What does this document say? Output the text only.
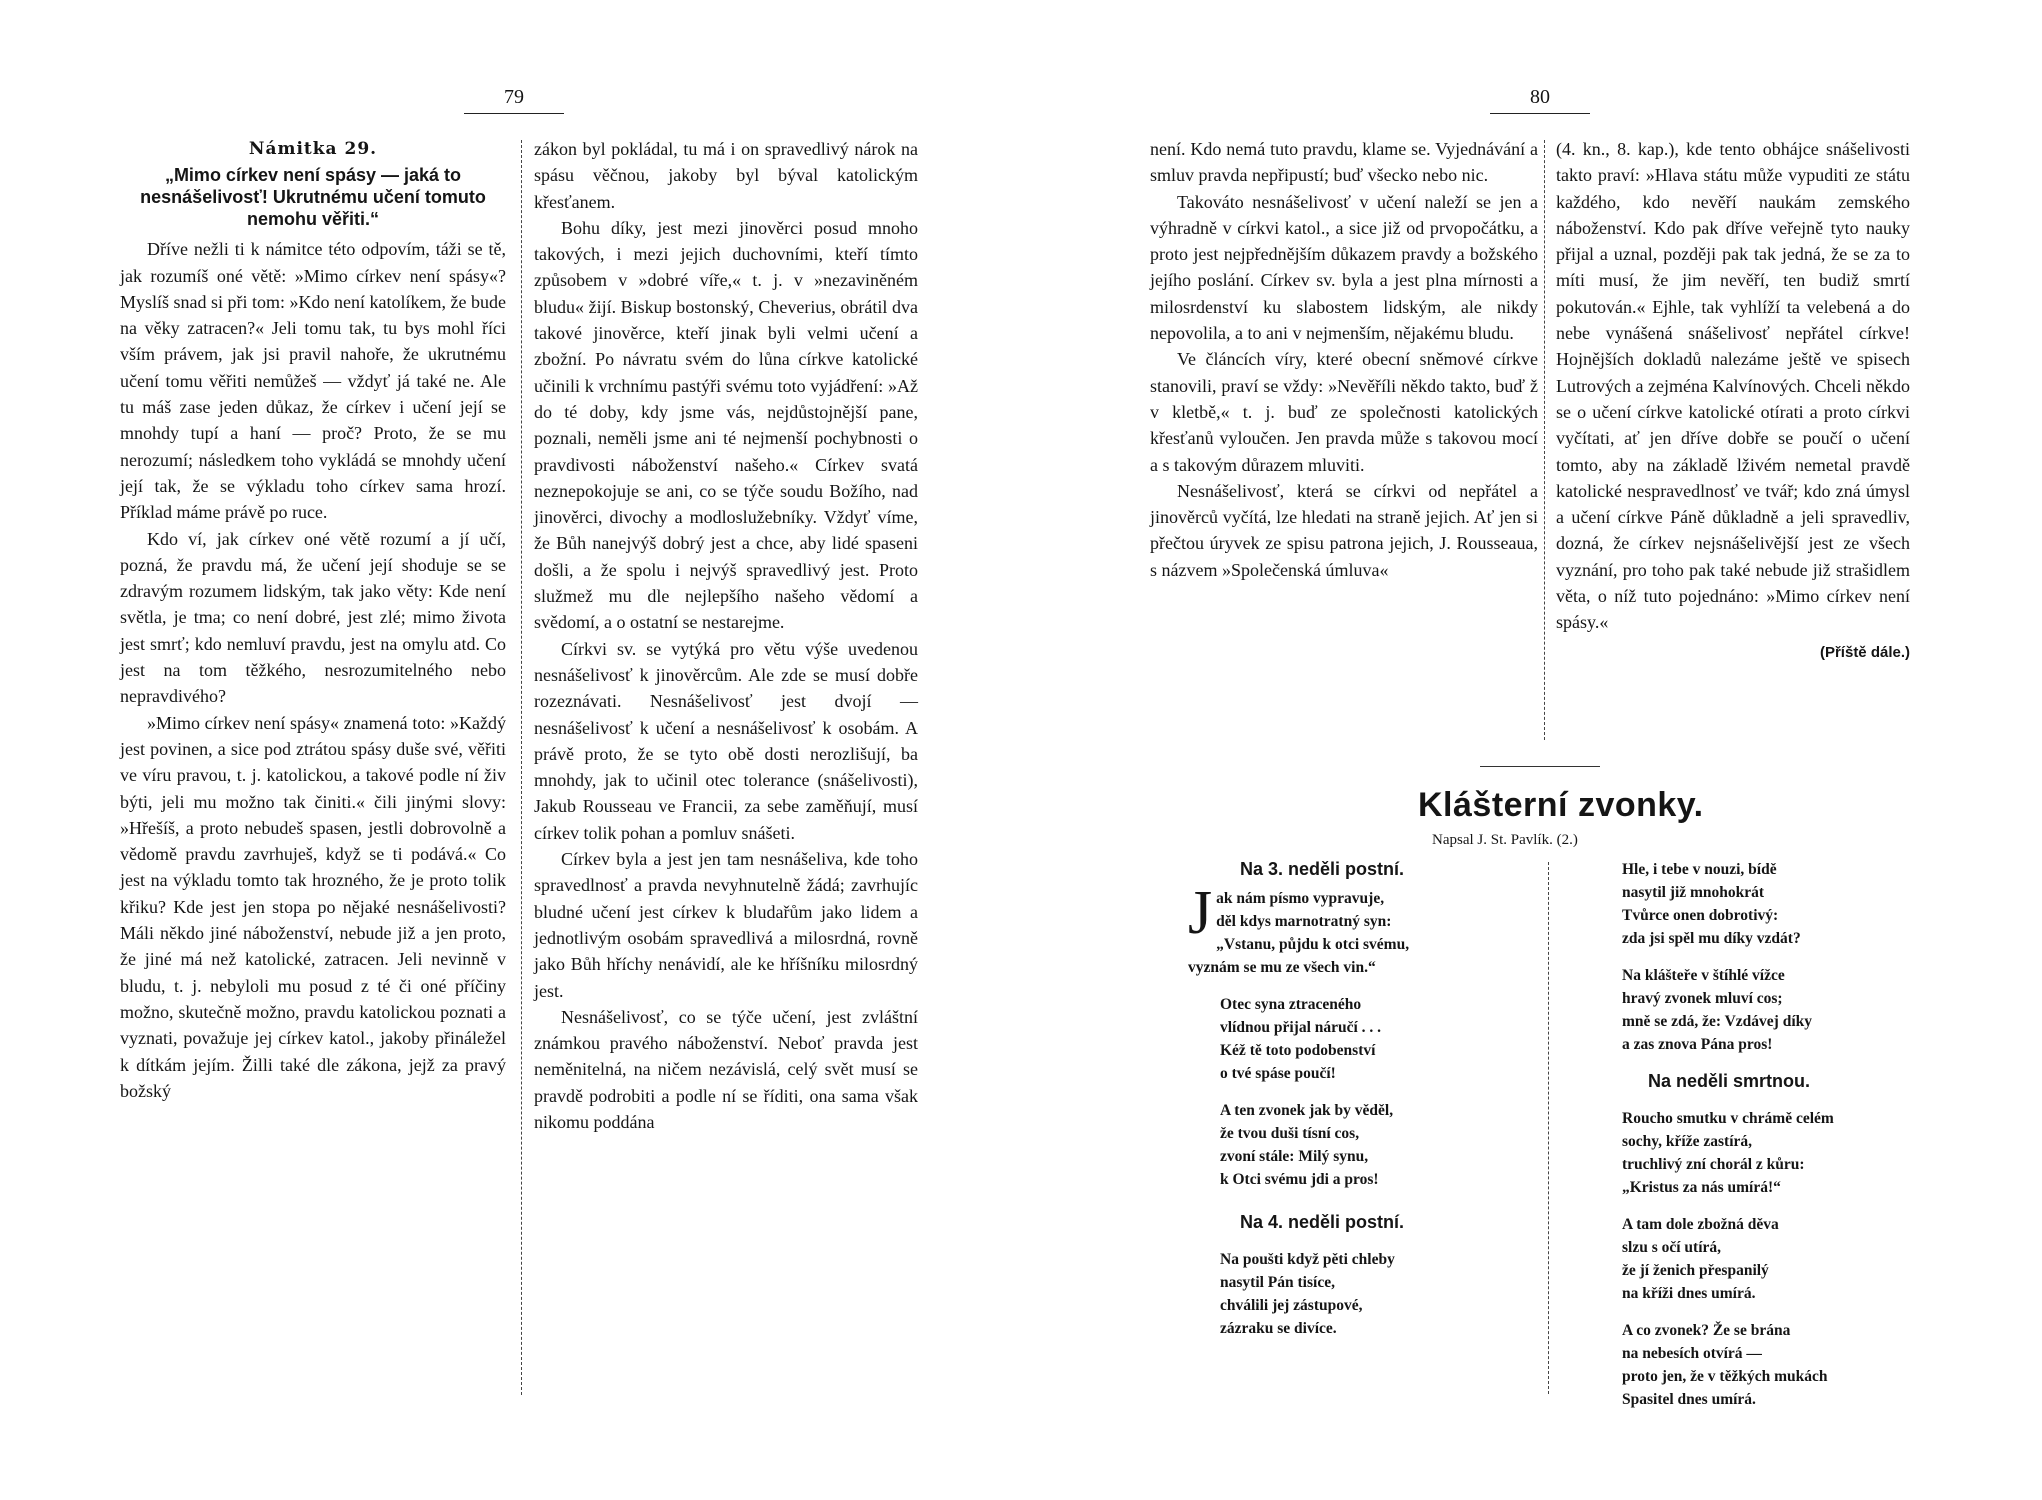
79
Námitka 29.
„Mimo církev není spásy — jaká to nesnášelivosť! Ukrutnému učení tomuto nemohu věřiti.“

Dříve nežli ti k námitce této odpovím, táži se tě, jak rozumíš oné větě: »Mimo církev není spásy«? Myslíš snad si při tom: »Kdo není katolíkem, že bude na věky zatracen?« Jeli tomu tak, tu bys mohl říci vším právem, jak jsi pravil nahoře, že ukrutnému učení tomu věřiti nemůžeš — vždyť já také ne. Ale tu máš zase jeden důkaz, že církev i učení její se mnohdy tupí a haní — proč? Proto, že se mu nerozumí; následkem toho vykládá se mnohdy učení její tak, že se výkladu toho církev sama hrozí. Příklad máme právě po ruce.

Kdo ví, jak církev oné větě rozumí a jí učí, pozná, že pravdu má, že učení její shoduje se se zdravým rozumem lidským, tak jako věty: Kde není světla, je tma; co není dobré, jest zlé; mimo života jest smrť; kdo nemluví pravdu, jest na omylu atd. Co jest na tom těžkého, nesrozumitelného nebo nepravdivého?

»Mimo církev není spásy« znamená toto: »Každý jest povinen, a sice pod ztrátou spásy duše své, věřiti ve víru pravou, t. j. katolickou, a takové podle ní živ býti, jeli mu možno tak činiti.« čili jinými slovy: »Hřešíš, a proto nebudeš spasen, jestli dobrovolně a vědomě pravdu zavrhuješ, když se ti podává.« Co jest na výkladu tomto tak hrozného, že je proto tolik křiku? Kde jest jen stopa po nějaké nesnášelivosti? Máli někdo jiné náboženství, nebude již a jen proto, že jiné má než katolické, zatracen. Jeli nevinně v bludu, t. j. nebyloli mu posud z té či oné příčiny možno, skutečně možno, pravdu katolickou poznati a vyznati, považuje jej církev katol., jakoby přináležel k dítkám jejím. Žilli také dle zákona, jejž za pravý božský

zákon byl pokládal, tu má i on spravedlivý nárok na spásu věčnou, jakoby byl býval katolickým křesťanem.

Bohu díky, jest mezi jinověrci posud mnoho takových, i mezi jejich duchovními, kteří tímto způsobem v »dobré víře,« t. j. v »nezaviněném bludu« žijí. Biskup bostonský, Cheverius, obrátil dva takové jinověrce, kteří jinak byli velmi učení a zbožní. Po návratu svém do lůna církve katolické učinili k vrchnímu pastýři svému toto vyjádření: »Až do té doby, kdy jsme vás, nejdůstojnější pane, poznali, neměli jsme ani té nejmenší pochybnosti o pravdivosti náboženství našeho.« Církev svatá neznepokojuje se ani, co se týče soudu Božího, nad jinověrci, divochy a modloslužebníky. Vždyť víme, že Bůh nanejvýš dobrý jest a chce, aby lidé spaseni došli, a že spolu i nejvýš spravedlivý jest. Proto služmež mu dle nejlepšího našeho vědomí a svědomí, a o ostatní se nestarejme.

Církvi sv. se vytýká pro větu výše uvedenou nesnášelivosť k jinověrcům. Ale zde se musí dobře rozeznávati. Nesnášelivosť jest dvojí — nesnášelivosť k učení a nesnášelivosť k osobám. A právě proto, že se tyto obě dosti nerozlišují, ba mnohdy, jak to učinil otec tolerance (snášelivosti), Jakub Rousseau ve Francii, za sebe zaměňují, musí církev tolik pohan a pomluv snášeti.

Církev byla a jest jen tam nesnášeliva, kde toho spravedlnosť a pravda nevyhnutelně žádá; zavrhujíc bludné učení jest církev k bludařům jako lidem a jednotlivým osobám spravedlivá a milosrdná, rovně jako Bůh hříchy nenávidí, ale ke hříšníku milosrdný jest.

Nesnášelivosť, co se týče učení, jest zvláštní známkou pravého náboženství. Neboť pravda jest neměnitelná, na ničem nezávislá, celý svět musí se pravdě podrobiti a podle ní se říditi, ona sama však nikomu poddána

80

není. Kdo nemá tuto pravdu, klame se. Vyjednávání a smluv pravda nepřipustí; buď všecko nebo nic.

Takováto nesnášelivosť v učení naleží se jen a výhradně v církvi katol., a sice již od prvopočátku, a proto jest nejpřednějším důkazem pravdy a božského jejího poslání. Církev sv. byla a jest plna mírnosti a milosrdenství ku slabostem lidským, ale nikdy nepovolila, a to ani v nejmenším, nějakému bludu.

Ve článcích víry, které obecní sněmové církve stanovili, praví se vždy: »Nevěříli někdo takto, buď ž v kletbě,« t. j. buď ze společnosti katolických křesťanů vyloučen. Jen pravda může s takovou mocí a s takovým důrazem mluviti.

Nesnášelivosť, která se církvi od nepřátel a jinověrců vyčítá, lze hledati na straně jejich. Ať jen si přečtou úryvek ze spisu patrona jejich, J. Rousseaua, s názvem »Společenská úmluva«

(4. kn., 8. kap.), kde tento obhájce snášelivosti takto praví: »Hlava státu může vypuditi ze státu každého, kdo nevěří naukám zemského náboženství. Kdo pak dříve veřejně tyto nauky přijal a uznal, později pak tak jedná, že se za to míti musí, že jim nevěří, ten budiž smrtí pokutován.« Ejhle, tak vyhlíží ta velebená a do nebe vynášená snášelivosť nepřátel církve! Hojnějších dokladů nalezáme ještě ve spisech Lutrových a zejména Kalvínových. Chceli někdo se o učení církve katolické otírati a proto církvi vyčítati, ať jen dříve dobře se poučí o učení tomto, aby na základě lživém nemetal pravdě katolické nespravedlnosť ve tvář; kdo zná úmysl a učení církve Páně důkladně a jeli spravedliv, dozná, že církev nejsnášelivější jest ze všech vyznání, pro toho pak také nebude již strašidlem věta, o níž tuto pojednáno: »Mimo církev není spásy.«

(Příště dále.)
Klášterní zvonky.
Napsal J. St. Pavlík. (2.)
Na 3. neděli postní.
Jak nám písmo vypravuje,
děl kdys marnotratný syn:
„Vstanu, půjdu k otci svému,
vyznám se mu ze všech vin.“
Otec syna ztraceného
vlídnou přijal náručí . . .
Kéž tě toto podobenství
o tvé spáse poučí!
A ten zvonek jak by věděl,
že tvou duši tísní cos,
zvoní stále: Milý synu,
k Otci svému jdi a pros!
Na 4. neděli postní.
Na poušti když pěti chleby
nasytil Pán tisíce,
chválili jej zástupové,
zázraku se divíce.
Hle, i tebe v nouzi, bídě
nasytil již mnohokrát
Tvůrce onen dobrotivý:
zda jsi spěl mu díky vzdát?
Na klášteře v štíhlé vížce
hravý zvonek mluví cos;
mně se zdá, že: Vzdávej díky
a zas znova Pána pros!
Na neděli smrtnou.
Roucho smutku v chrámě celém
sochy, kříže zastírá,
truchlivý zní chorál z kůru:
„Kristus za nás umírá!“
A tam dole zbožná děva
slzu s očí utírá,
že jí ženich přespanilý
na kříži dnes umírá.
A co zvonek? Že se brána
na nebesích otvírá —
proto jen, že v těžkých mukách
Spasitel dnes umírá.
